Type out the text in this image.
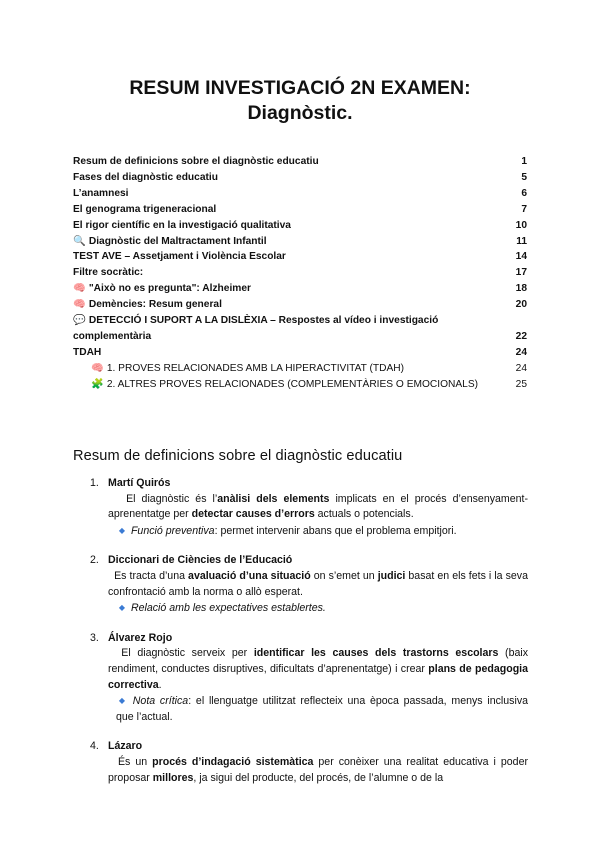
RESUM INVESTIGACIÓ 2N EXAMEN:
Diagnòstic.
Resum de definicions sobre el diagnòstic educatiu	1
Fases del diagnòstic educatiu	5
L’anamnesi	6
El genograma trigeneracional	7
El rigor científic en la investigació qualitativa	10
🔍 Diagnòstic del Maltractament Infantil	11
TEST AVE – Assetjament i Violència Escolar	14
Filtre socràtic:	17
🧠 "Això no es pregunta": Alzheimer	18
🧠 Demències: Resum general	20
💬 DETECCIÓ I SUPORT A LA DISLÈXIA – Respostes al vídeo i investigació complementària	22
TDAH	24
🧠 1. PROVES RELACIONADES AMB LA HIPERACTIVITAT (TDAH)	24
🧩 2. ALTRES PROVES RELACIONADES (COMPLEMENTÀRIES O EMOCIONALS)	25
Resum de definicions sobre el diagnòstic educatiu
1. Martí Quirós
El diagnòstic és l’anàlisi dels elements implicats en el procés d’ensenyament-aprenentatge per detectar causes d’errors actuals o potencials.
◆ Funció preventiva: permet intervenir abans que el problema empitjori.
2. Diccionari de Ciències de l’Educació
Es tracta d’una avaluació d’una situació on s’emet un judici basat en els fets i la seva confrontació amb la norma o allò esperat.
◆ Relació amb les expectatives establertes.
3. Álvarez Rojo
El diagnòstic serveix per identificar les causes dels trastorns escolars (baix rendiment, conductes disruptives, dificultats d’aprenentatge) i crear plans de pedagogia correctiva.
◆ Nota crítica: el llenguatge utilitzat reflecteix una època passada, menys inclusiva que l’actual.
4. Lázaro
És un procés d’indagació sistemàtica per conèixer una realitat educativa i poder proposar millores, ja sigui del producte, del procés, de l’alumne o de la
